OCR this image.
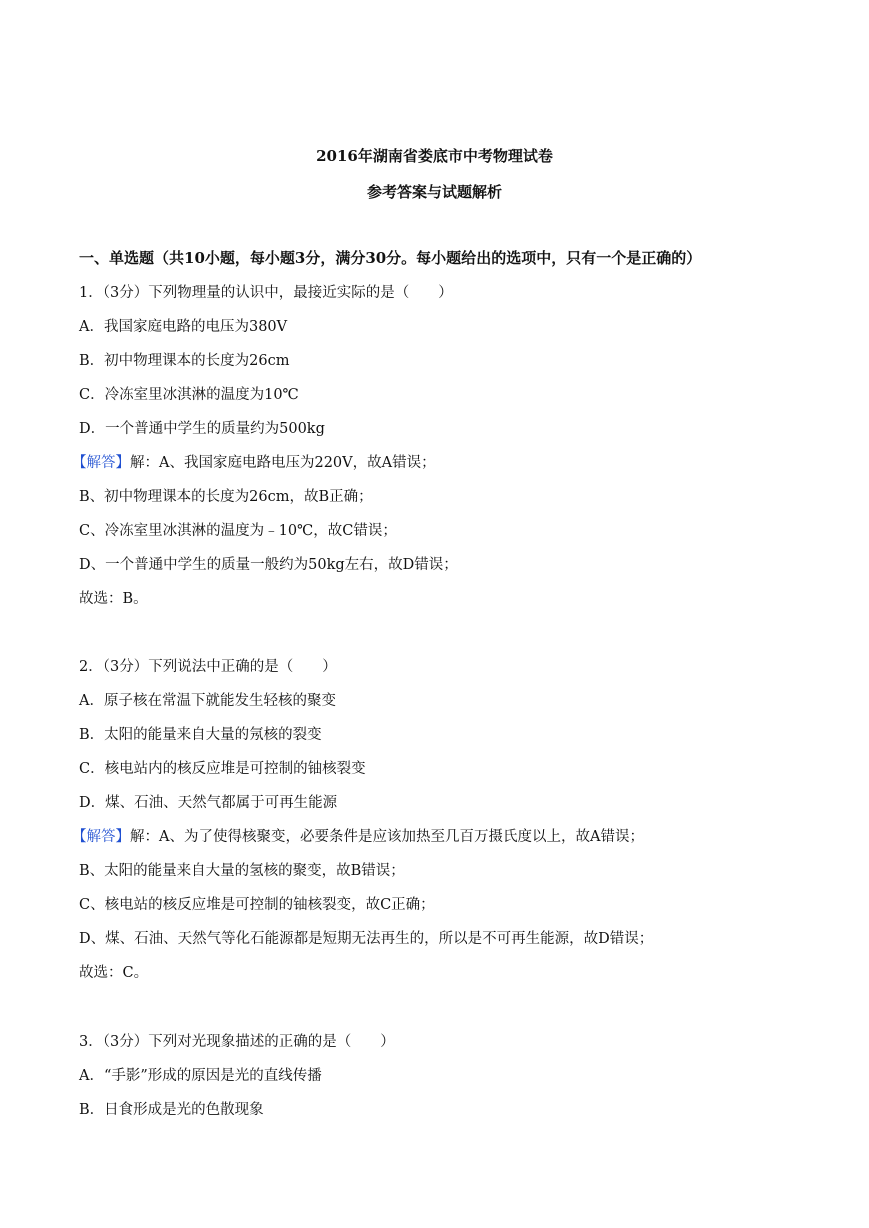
2016年湖南省娄底市中考物理试卷
参考答案与试题解析
一、单选题（共10小题，每小题3分，满分30分。每小题给出的选项中，只有一个是正确的）
1．（3分）下列物理量的认识中，最接近实际的是（　　）
A．我国家庭电路的电压为380V
B．初中物理课本的长度为26cm
C．冷冻室里冰淇淋的温度为10℃
D．一个普通中学生的质量约为500kg
【解答】解：A、我国家庭电路电压为220V，故A错误；
B、初中物理课本的长度为26cm，故B正确；
C、冷冻室里冰淇淋的温度为﹣10℃，故C错误；
D、一个普通中学生的质量一般约为50kg左右，故D错误；
故选：B。
2．（3分）下列说法中正确的是（　　）
A．原子核在常温下就能发生轻核的聚变
B．太阳的能量来自大量的氖核的裂变
C．核电站内的核反应堆是可控制的铀核裂变
D．煤、石油、天然气都属于可再生能源
【解答】解：A、为了使得核聚变，必要条件是应该加热至几百万摄氏度以上，故A错误；
B、太阳的能量来自大量的氢核的聚变，故B错误；
C、核电站的核反应堆是可控制的铀核裂变，故C正确；
D、煤、石油、天然气等化石能源都是短期无法再生的，所以是不可再生能源，故D错误；
故选：C。
3．（3分）下列对光现象描述的正确的是（　　）
A．“手影”形成的原因是光的直线传播
B．日食形成是光的色散现象
